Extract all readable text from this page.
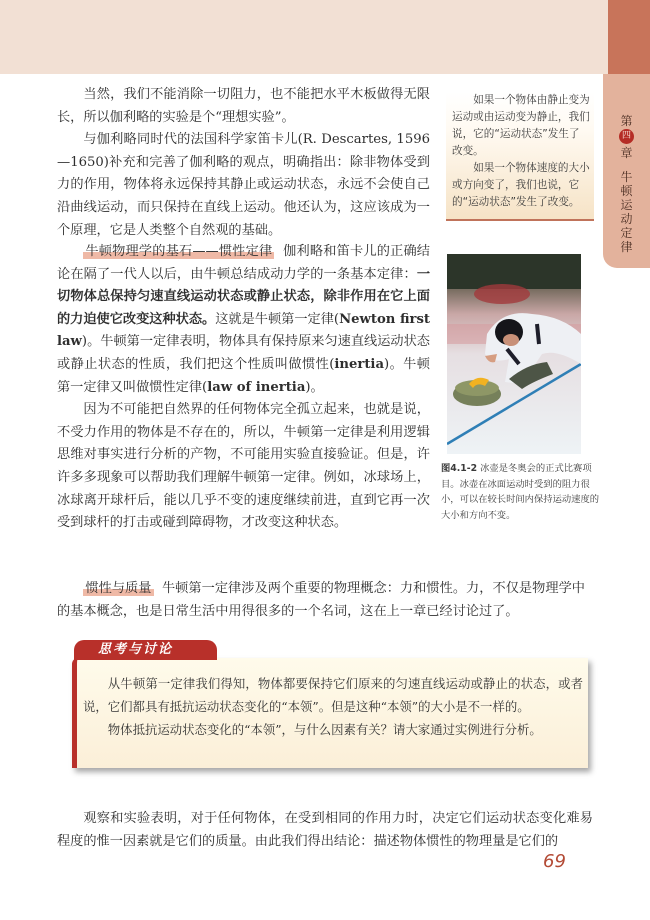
第
四
章
牛
顿
运
动
定
律

当然，我们不能消除一切阻力，也不能把水平木板做得无限长，所以伽利略的实验是个“理想实验”。

与伽利略同时代的法国科学家笛卡儿(R. Descartes, 1596—1650)补充和完善了伽利略的观点，明确指出：除非物体受到力的作用，物体将永远保持其静止或运动状态，永远不会使自己沿曲线运动，而只保持在直线上运动。他还认为，这应该成为一个原理，它是人类整个自然观的基础。

如果一个物体由静止变为运动或由运动变为静止，我们说，它的“运动状态”发生了改变。

如果一个物体速度的大小或方向变了，我们也说，它的“运动状态”发生了改变。

牛顿物理学的基石——惯性定律 伽利略和笛卡儿的正确结论在隔了一代人以后，由牛顿总结成动力学的一条基本定律：一切物体总保持匀速直线运动状态或静止状态，除非作用在它上面的力迫使它改变这种状态。这就是牛顿第一定律(Newton first law)。牛顿第一定律表明，物体具有保持原来匀速直线运动状态或静止状态的性质，我们把这个性质叫做惯性(inertia)。牛顿第一定律又叫做惯性定律(law of inertia)。

因为不可能把自然界的任何物体完全孤立起来，也就是说，不受力作用的物体是不存在的，所以，牛顿第一定律是利用逻辑思维对事实进行分析的产物，不可能用实验直接验证。但是，许许多多现象可以帮助我们理解牛顿第一定律。例如，冰球场上，冰球离开球杆后，能以几乎不变的速度继续前进，直到它再一次受到球杆的打击或碰到障碍物，才改变这种状态。

图4.1-2 冰壶是冬奥会的正式比赛项目。冰壶在冰面运动时受到的阻力很小，可以在较长时间内保持运动速度的大小和方向不变。

惯性与质量 牛顿第一定律涉及两个重要的物理概念：力和惯性。力，不仅是物理学中的基本概念，也是日常生活中用得很多的一个名词，这在上一章已经讨论过了。

从牛顿第一定律我们得知，物体都要保持它们原来的匀速直线运动或静止的状态，或者说，它们都具有抵抗运动状态变化的“本领”。但是这种“本领”的大小是不一样的。

物体抵抗运动状态变化的“本领”，与什么因素有关？请大家通过实例进行分析。

思考与讨论

观察和实验表明，对于任何物体，在受到相同的作用力时，决定它们运动状态变化难易程度的惟一因素就是它们的质量。由此我们得出结论：描述物体惯性的物理量是它们的

69
